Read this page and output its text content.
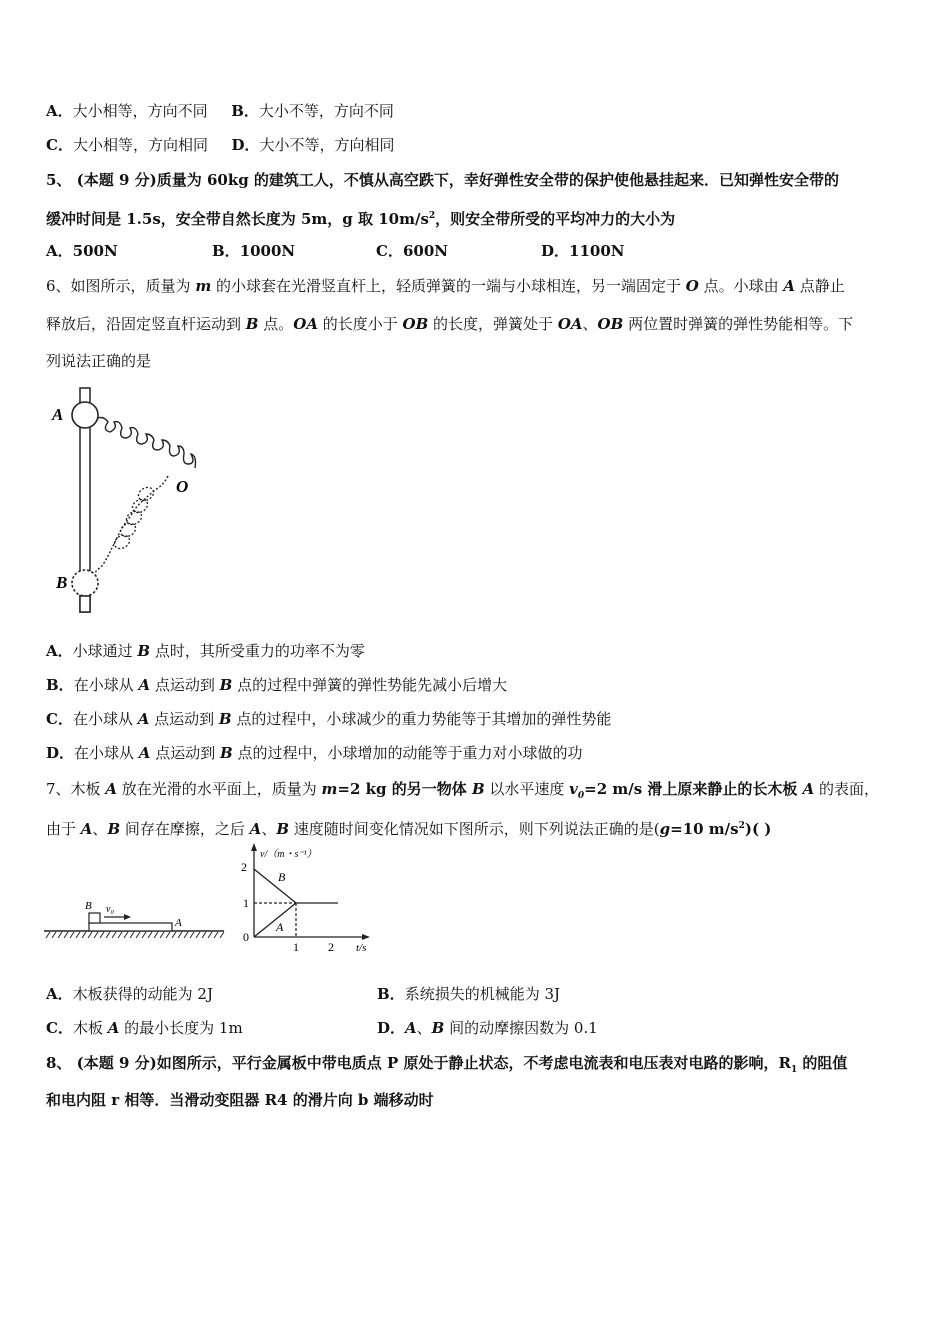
A．大小相等，方向不同 B．大小不等，方向不同
C．大小相等，方向相同 D．大小不等，方向相同
5、 (本题 9 分)质量为 60kg 的建筑工人，不慎从高空跌下，幸好弹性安全带的保护使他悬挂起来．已知弹性安全带的
缓冲时间是 1.5s，安全带自然长度为 5m，g 取 $10m/s^2$，则安全带所受的平均冲力的大小为
A．500N	B．1000N	C．600N	D．1100N
6、如图所示，质量为 m 的小球套在光滑竖直杆上，轻质弹簧的一端与小球相连，另一端固定于 O 点。小球由 A 点静止
释放后，沿固定竖直杆运动到 B 点。OA 的长度小于 OB 的长度，弹簧处于 OA、OB 两位置时弹簧的弹性势能相等。下
列说法正确的是
A
O
B
A．小球通过 B 点时，其所受重力的功率不为零
B．在小球从 A 点运动到 B 点的过程中弹簧的弹性势能先减小后增大
C．在小球从 A 点运动到 B 点的过程中，小球减少的重力势能等于其增加的弹性势能
D．在小球从 A 点运动到 B 点的过程中，小球增加的动能等于重力对小球做的功
7、木板 A 放在光滑的水平面上，质量为 m=2 kg 的另一物体 B 以水平速度 $v_0=2$ m/s 滑上原来静止的长木板 A 的表面，
由于 A、B 间存在摩擦，之后 A、B 速度随时间变化情况如下图所示，则下列说法正确的是(g=10 $m/s^2$)( )
B v₀
A
2
1
0
1 2 t/s
v/（m・s⁻¹）
B
A
A．木板获得的动能为 2J	B．系统损失的机械能为 3J
C．木板 A 的最小长度为 1m	D．A、B 间的动摩擦因数为 0.1
8、 (本题 9 分)如图所示，平行金属板中带电质点 P 原处于静止状态，不考虑电流表和电压表对电路的影响，$R_1$ 的阻值
和电内阻 r 相等．当滑动变阻器 R4 的滑片向 b 端移动时
